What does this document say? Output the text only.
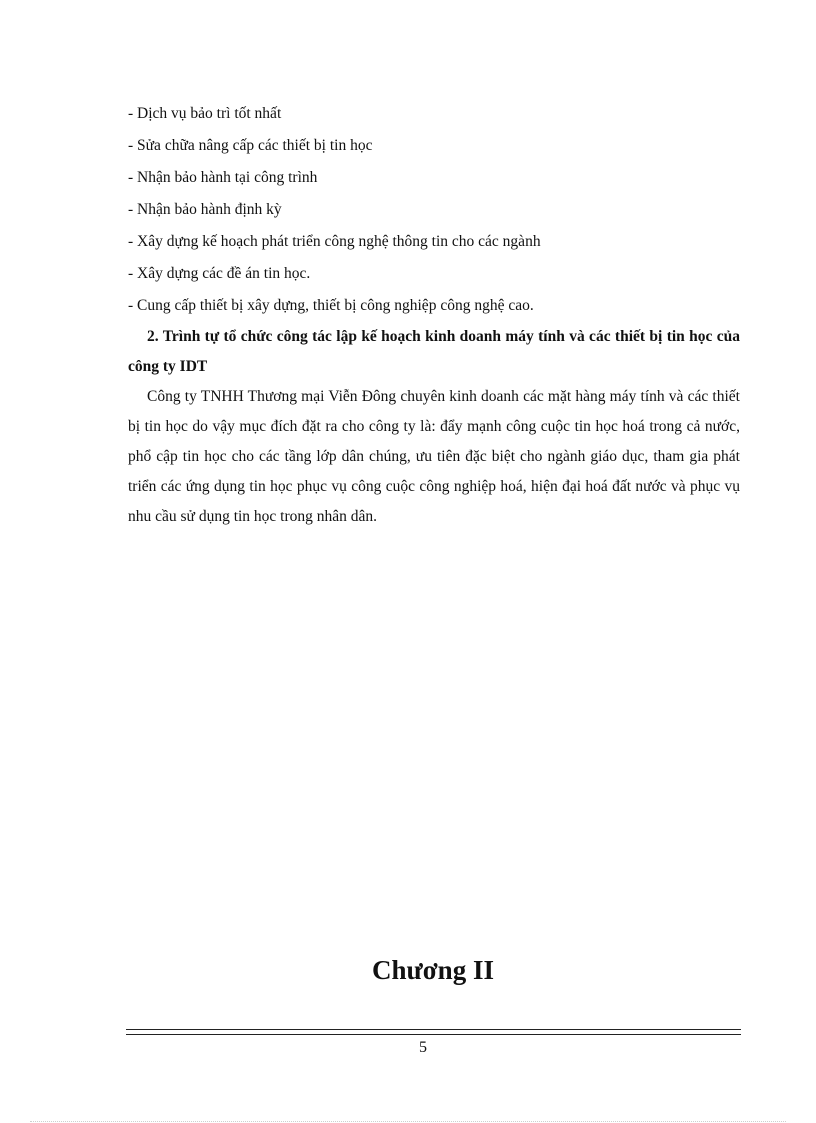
- Dịch vụ bảo trì tốt nhất
- Sửa chữa nâng cấp các thiết bị tin học
- Nhận bảo hành tại công trình
- Nhận bảo hành định kỳ
- Xây dựng kế hoạch phát triển công nghệ thông tin cho các ngành
- Xây dựng các đề án tin học.
- Cung cấp thiết bị xây dựng, thiết bị công nghiệp công nghệ cao.

2. Trình tự tổ chức công tác lập kế hoạch kinh doanh máy tính và các thiết bị tin học của công ty IDT

Công ty TNHH Thương mại Viễn Đông chuyên kinh doanh các mặt hàng máy tính và các thiết bị tin học do vậy mục đích đặt ra cho công ty là: đẩy mạnh công cuộc tin học hoá trong cả nước, phổ cập tin học cho các tầng lớp dân chúng, ưu tiên đặc biệt cho ngành giáo dục, tham gia phát triển các ứng dụng tin học phục vụ công cuộc công nghiệp hoá, hiện đại hoá đất nước và phục vụ nhu cầu sử dụng tin học trong nhân dân.

Chương II
5
